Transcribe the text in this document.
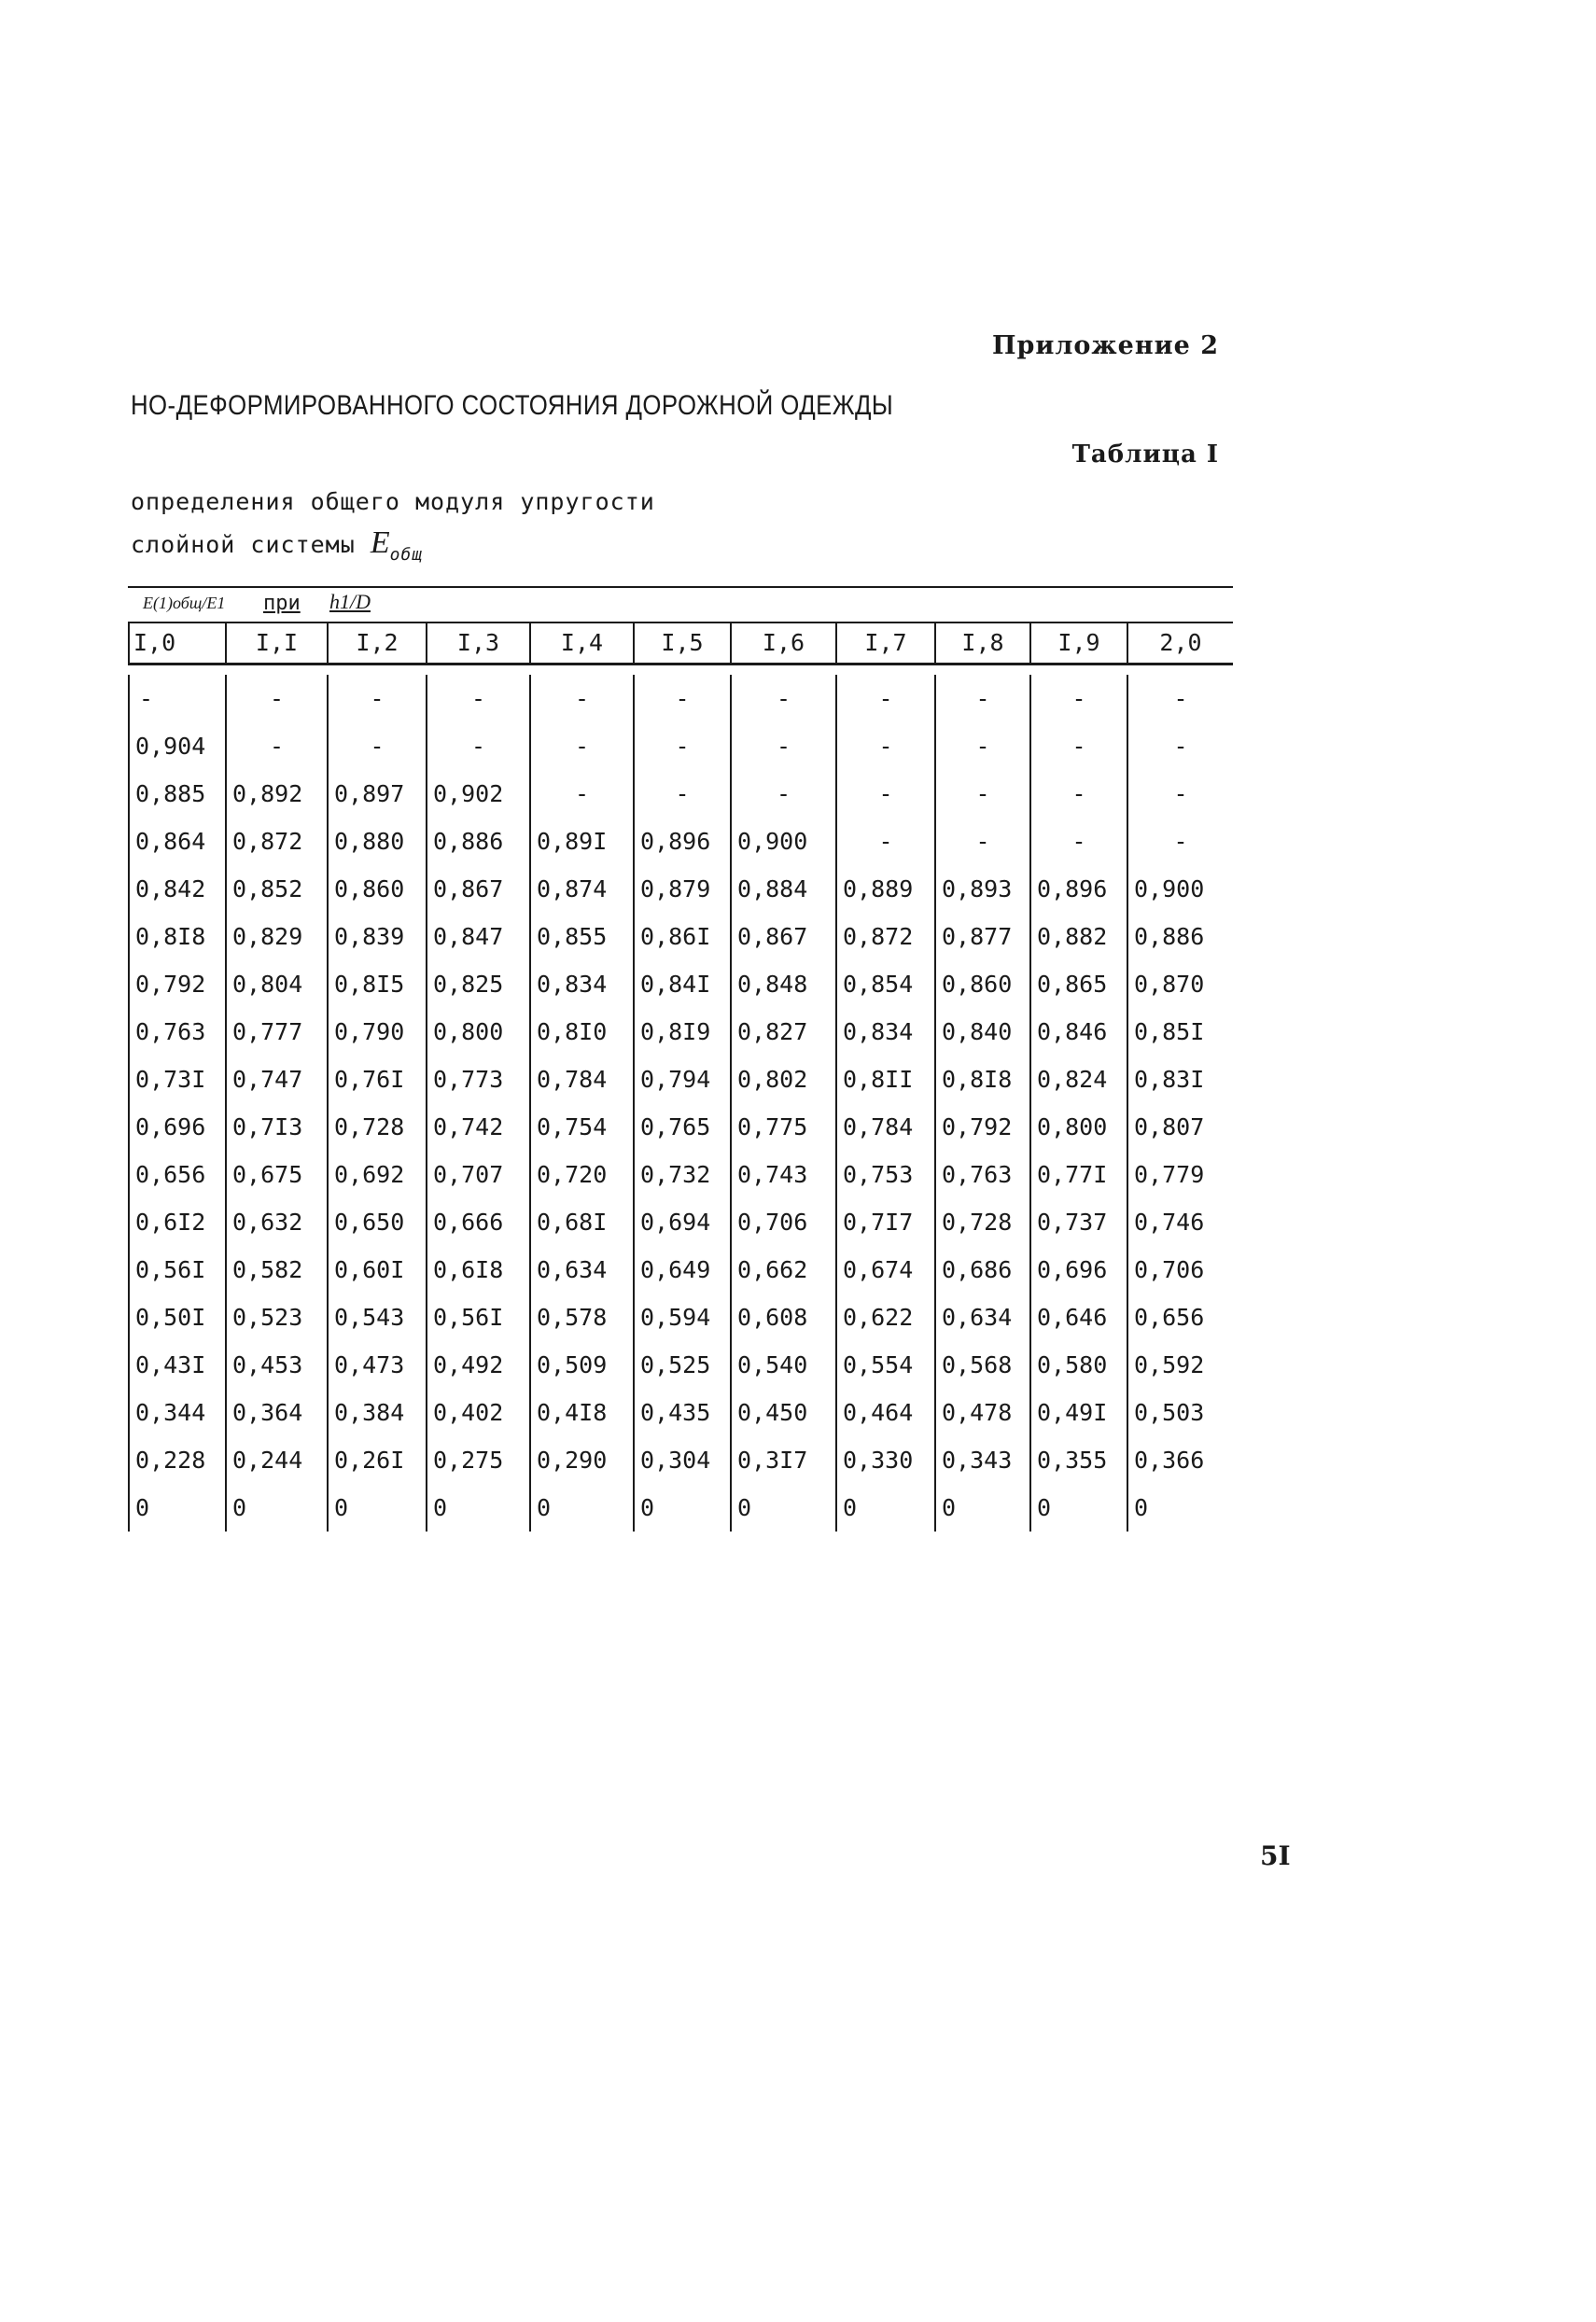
Приложение 2
НО-ДЕФОРМИРОВАННОГО СОСТОЯНИЯ ДОРОЖНОЙ ОДЕЖДЫ
Таблица I
определения общего модуля упругости
слойной системы $E_{общ}$
E(1)общ/E1 при h1/D
I,0	I,I	I,2	I,3	I,4	I,5	I,6	I,7	I,8	I,9	2,0
-	-	-	-	-	-	-	-	-	-	-
0,904	-	-	-	-	-	-	-	-	-	-
0,885	0,892	0,897	0,902	-	-	-	-	-	-	-
0,864	0,872	0,880	0,886	0,89I	0,896	0,900	-	-	-	-
0,842	0,852	0,860	0,867	0,874	0,879	0,884	0,889	0,893	0,896	0,900
0,8I8	0,829	0,839	0,847	0,855	0,86I	0,867	0,872	0,877	0,882	0,886
0,792	0,804	0,8I5	0,825	0,834	0,84I	0,848	0,854	0,860	0,865	0,870
0,763	0,777	0,790	0,800	0,8I0	0,8I9	0,827	0,834	0,840	0,846	0,85I
0,73I	0,747	0,76I	0,773	0,784	0,794	0,802	0,8II	0,8I8	0,824	0,83I
0,696	0,7I3	0,728	0,742	0,754	0,765	0,775	0,784	0,792	0,800	0,807
0,656	0,675	0,692	0,707	0,720	0,732	0,743	0,753	0,763	0,77I	0,779
0,6I2	0,632	0,650	0,666	0,68I	0,694	0,706	0,7I7	0,728	0,737	0,746
0,56I	0,582	0,60I	0,6I8	0,634	0,649	0,662	0,674	0,686	0,696	0,706
0,50I	0,523	0,543	0,56I	0,578	0,594	0,608	0,622	0,634	0,646	0,656
0,43I	0,453	0,473	0,492	0,509	0,525	0,540	0,554	0,568	0,580	0,592
0,344	0,364	0,384	0,402	0,4I8	0,435	0,450	0,464	0,478	0,49I	0,503
0,228	0,244	0,26I	0,275	0,290	0,304	0,3I7	0,330	0,343	0,355	0,366
0	0	0	0	0	0	0	0	0	0	0
5I
